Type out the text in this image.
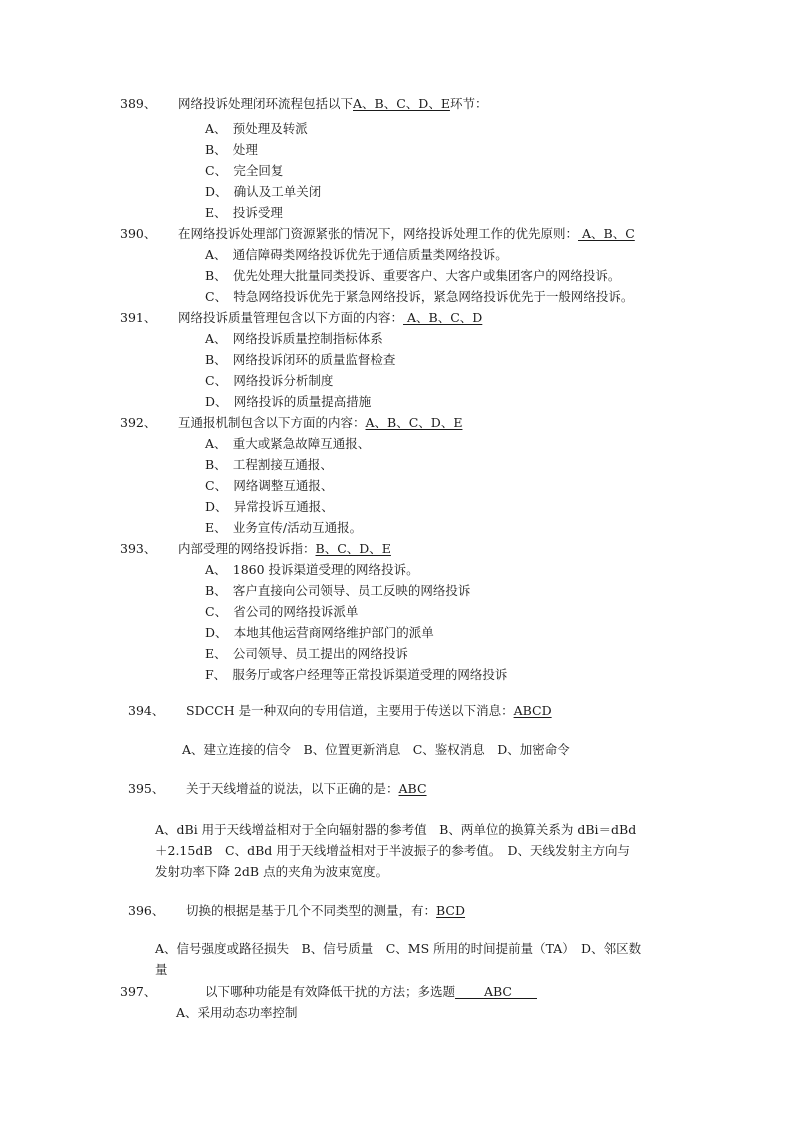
389、 网络投诉处理闭环流程包括以下A、B、C、D、E环节：
A、　预处理及转派
B、　处理
C、　完全回复
D、　确认及工单关闭
E、　投诉受理
390、 在网络投诉处理部门资源紧张的情况下，网络投诉处理工作的优先原则： A、B、C
A、　通信障碍类网络投诉优先于通信质量类网络投诉。
B、　优先处理大批量同类投诉、重要客户、大客户或集团客户的网络投诉。
C、　特急网络投诉优先于紧急网络投诉，紧急网络投诉优先于一般网络投诉。
391、 网络投诉质量管理包含以下方面的内容： A、B、C、D
A、　网络投诉质量控制指标体系
B、　网络投诉闭环的质量监督检查
C、　网络投诉分析制度
D、　网络投诉的质量提高措施
392、 互通报机制包含以下方面的内容：A、B、C、D、E
A、　重大或紧急故障互通报、
B、　工程割接互通报、
C、　网络调整互通报、
D、　异常投诉互通报、
E、　业务宣传/活动互通报。
393、 内部受理的网络投诉指：B、C、D、E
A、　1860 投诉渠道受理的网络投诉。
B、　客户直接向公司领导、员工反映的网络投诉
C、　省公司的网络投诉派单
D、　本地其他运营商网络维护部门的派单
E、　公司领导、员工提出的网络投诉
F、　服务厅或客户经理等正常投诉渠道受理的网络投诉
394、 SDCCH 是一种双向的专用信道，主要用于传送以下消息：ABCD
A、建立连接的信令　B、位置更新消息　C、鉴权消息　D、加密命令
395、 关于天线增益的说法，以下正确的是：ABC
A、dBi 用于天线增益相对于全向辐射器的参考值　B、两单位的换算关系为 dBi＝dBd
＋2.15dB　C、dBd 用于天线增益相对于半波振子的参考值。　D、天线发射主方向与
发射功率下降 2dB 点的夹角为波束宽度。
396、 切换的根据是基于几个不同类型的测量，有：BCD
A、信号强度或路径损失　B、信号质量　C、MS 所用的时间提前量（TA）　D、邻区数
量
397、	以下哪种功能是有效降低干扰的方法；多选题　　 ABC　　
A、采用动态功率控制
